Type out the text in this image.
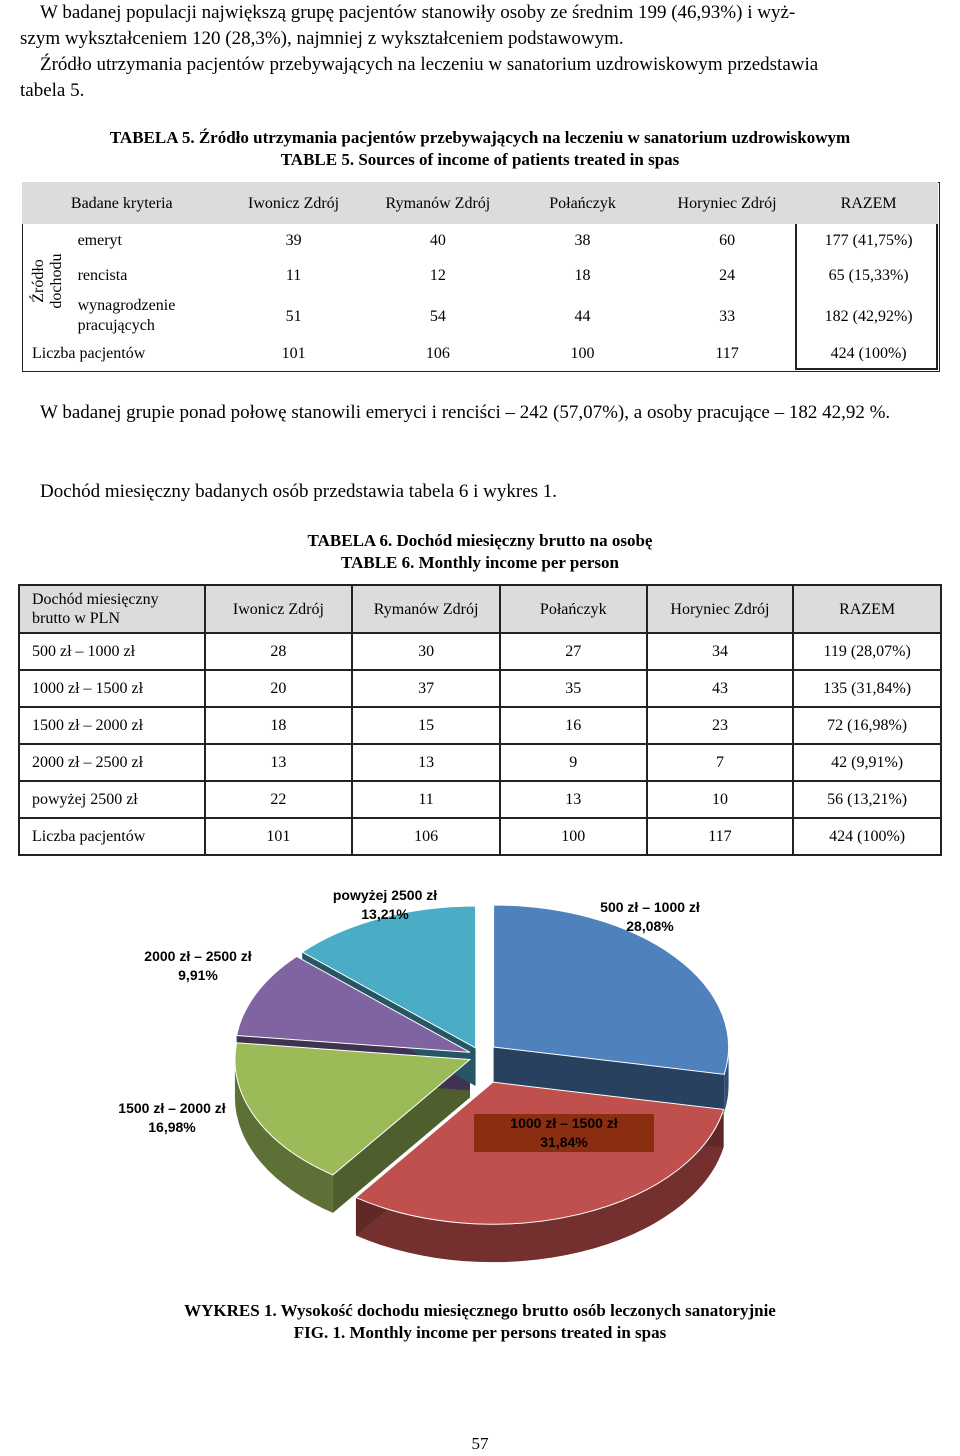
W badanej populacji największą grupę pacjentów stanowiły osoby ze średnim 199 (46,93%) i wyż-
szym wykształceniem 120 (28,3%), najmniej z wykształceniem podstawowym.
Źródło utrzymania pacjentów przebywających na leczeniu w sanatorium uzdrowiskowym przedstawia
tabela 5.
TABELA 5. Źródło utrzymania pacjentów przebywających na leczeniu w sanatorium uzdrowiskowym
TABLE 5. Sources of income of patients treated in spas
Badane kryteria		Iwonicz Zdrój	Rymanów Zdrój	Połańczyk	Horyniec Zdrój	RAZEM

Źródło dochodu	emeryt	39	40	38	60	177 (41,75%)
	rencista	11	12	18	24	65 (15,33%)
	wynagrodzenie pracujących	51	54	44	33	182 (42,92%)
Liczba pacjentów		101	106	100	117	424 (100%)
W badanej grupie ponad połowę stanowili emeryci i renciści – 242 (57,07%), a osoby pracujące – 182 42,92 %.
Dochód miesięczny badanych osób przedstawia tabela 6 i wykres 1.
TABELA 6. Dochód miesięczny brutto na osobę
TABLE 6. Monthly income per person
Dochód miesięczny brutto w PLN	Iwonicz Zdrój	Rymanów Zdrój	Połańczyk	Horyniec Zdrój	RAZEM
500 zł – 1000 zł	28	30	27	34	119 (28,07%)
1000 zł – 1500 zł	20	37	35	43	135 (31,84%)
1500 zł – 2000 zł	18	15	16	23	72 (16,98%)
2000 zł – 2500 zł	13	13	9	7	42 (9,91%)
powyżej 2500 zł	22	11	13	10	56 (13,21%)
Liczba pacjentów	101	106	100	117	424 (100%)
powyżej 2500 zł
13,21%	500 zł – 1000 zł
28,08%
2000 zł – 2500 zł
9,91%
1500 zł – 2000 zł
16,98%	1000 zł – 1500 zł
31,84%
WYKRES 1. Wysokość dochodu miesięcznego brutto osób leczonych sanatoryjnie
FIG. 1. Monthly income per persons treated in spas
57
